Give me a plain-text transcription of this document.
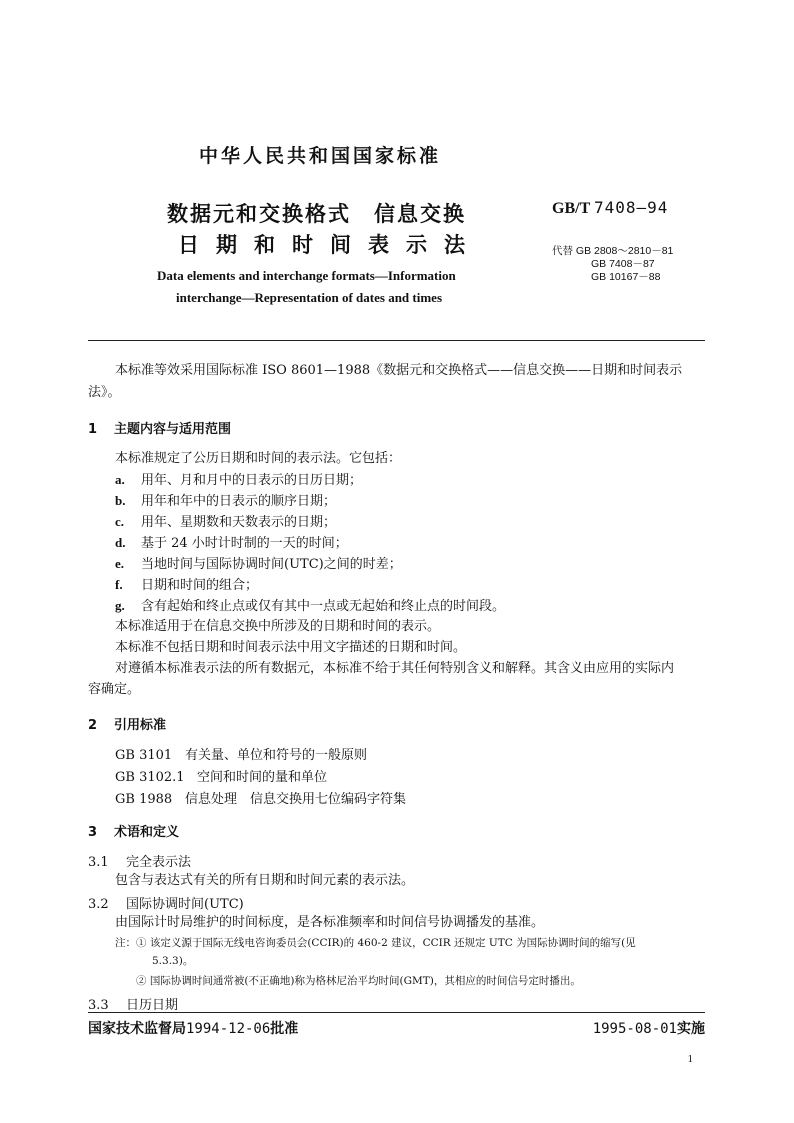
中华人民共和国国家标准
数据元和交换格式　信息交换
日期和时间表示法
Data elements and interchange formats—Information
interchange—Representation of dates and times
GB/T 7408—94
代替 GB 2808～2810－81
GB 7408－87
GB 10167－88
本标准等效采用国际标准 ISO 8601—1988《数据元和交换格式——信息交换——日期和时间表示
法》。
1 主题内容与适用范围
本标准规定了公历日期和时间的表示法。它包括：
a. 用年、月和月中的日表示的日历日期；
b. 用年和年中的日表示的顺序日期；
c. 用年、星期数和天数表示的日期；
d. 基于 24 小时计时制的一天的时间；
e. 当地时间与国际协调时间(UTC)之间的时差；
f. 日期和时间的组合；
g. 含有起始和终止点或仅有其中一点或无起始和终止点的时间段。
本标准适用于在信息交换中所涉及的日期和时间的表示。
本标准不包括日期和时间表示法中用文字描述的日期和时间。
对遵循本标准表示法的所有数据元，本标准不给于其任何特别含义和解释。其含义由应用的实际内
容确定。
2 引用标准
GB 3101 有关量、单位和符号的一般原则
GB 3102.1 空间和时间的量和单位
GB 1988 信息处理　信息交换用七位编码字符集
3 术语和定义
3.1 完全表示法
包含与表达式有关的所有日期和时间元素的表示法。
3.2 国际协调时间(UTC)
由国际计时局维护的时间标度，是各标准频率和时间信号协调播发的基准。
注： ① 该定义源于国际无线电咨询委员会(CCIR)的 460-2 建议，CCIR 还规定 UTC 为国际协调时间的缩写(见
5.3.3)。
② 国际协调时间通常被(不正确地)称为格林尼治平均时间(GMT)，其相应的时间信号定时播出。
3.3 日历日期
国家技术监督局1994-12-06批准	1995-08-01实施
1
